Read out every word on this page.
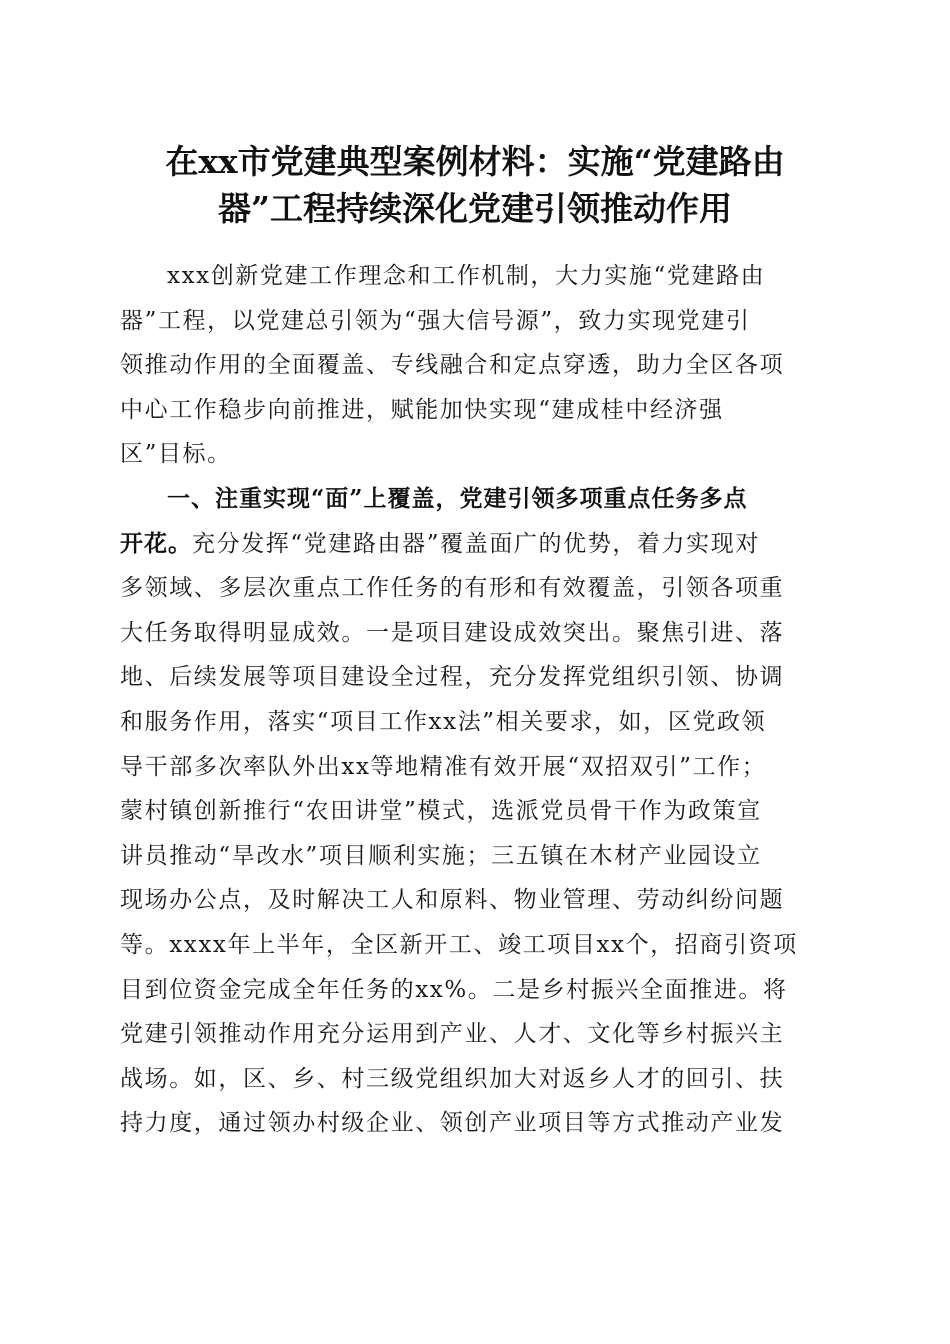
在xx市党建典型案例材料：实施“党建路由
器”工程持续深化党建引领推动作用

xxx创新党建工作理念和工作机制，大力实施“党建路由
器”工程，以党建总引领为“强大信号源”，致力实现党建引
领推动作用的全面覆盖、专线融合和定点穿透，助力全区各项
中心工作稳步向前推进，赋能加快实现“建成桂中经济强
区”目标。

一、注重实现“面”上覆盖，党建引领多项重点任务多点
开花。充分发挥“党建路由器”覆盖面广的优势，着力实现对
多领域、多层次重点工作任务的有形和有效覆盖，引领各项重
大任务取得明显成效。一是项目建设成效突出。聚焦引进、落
地、后续发展等项目建设全过程，充分发挥党组织引领、协调
和服务作用，落实“项目工作xx法”相关要求，如，区党政领
导干部多次率队外出xx等地精准有效开展“双招双引”工作；
蒙村镇创新推行“农田讲堂”模式，选派党员骨干作为政策宣
讲员推动“旱改水”项目顺利实施；三五镇在木材产业园设立
现场办公点，及时解决工人和原料、物业管理、劳动纠纷问题
等。xxxx年上半年，全区新开工、竣工项目xx个，招商引资项
目到位资金完成全年任务的xx%。二是乡村振兴全面推进。将
党建引领推动作用充分运用到产业、人才、文化等乡村振兴主
战场。如，区、乡、村三级党组织加大对返乡人才的回引、扶
持力度，通过领办村级企业、领创产业项目等方式推动产业发
